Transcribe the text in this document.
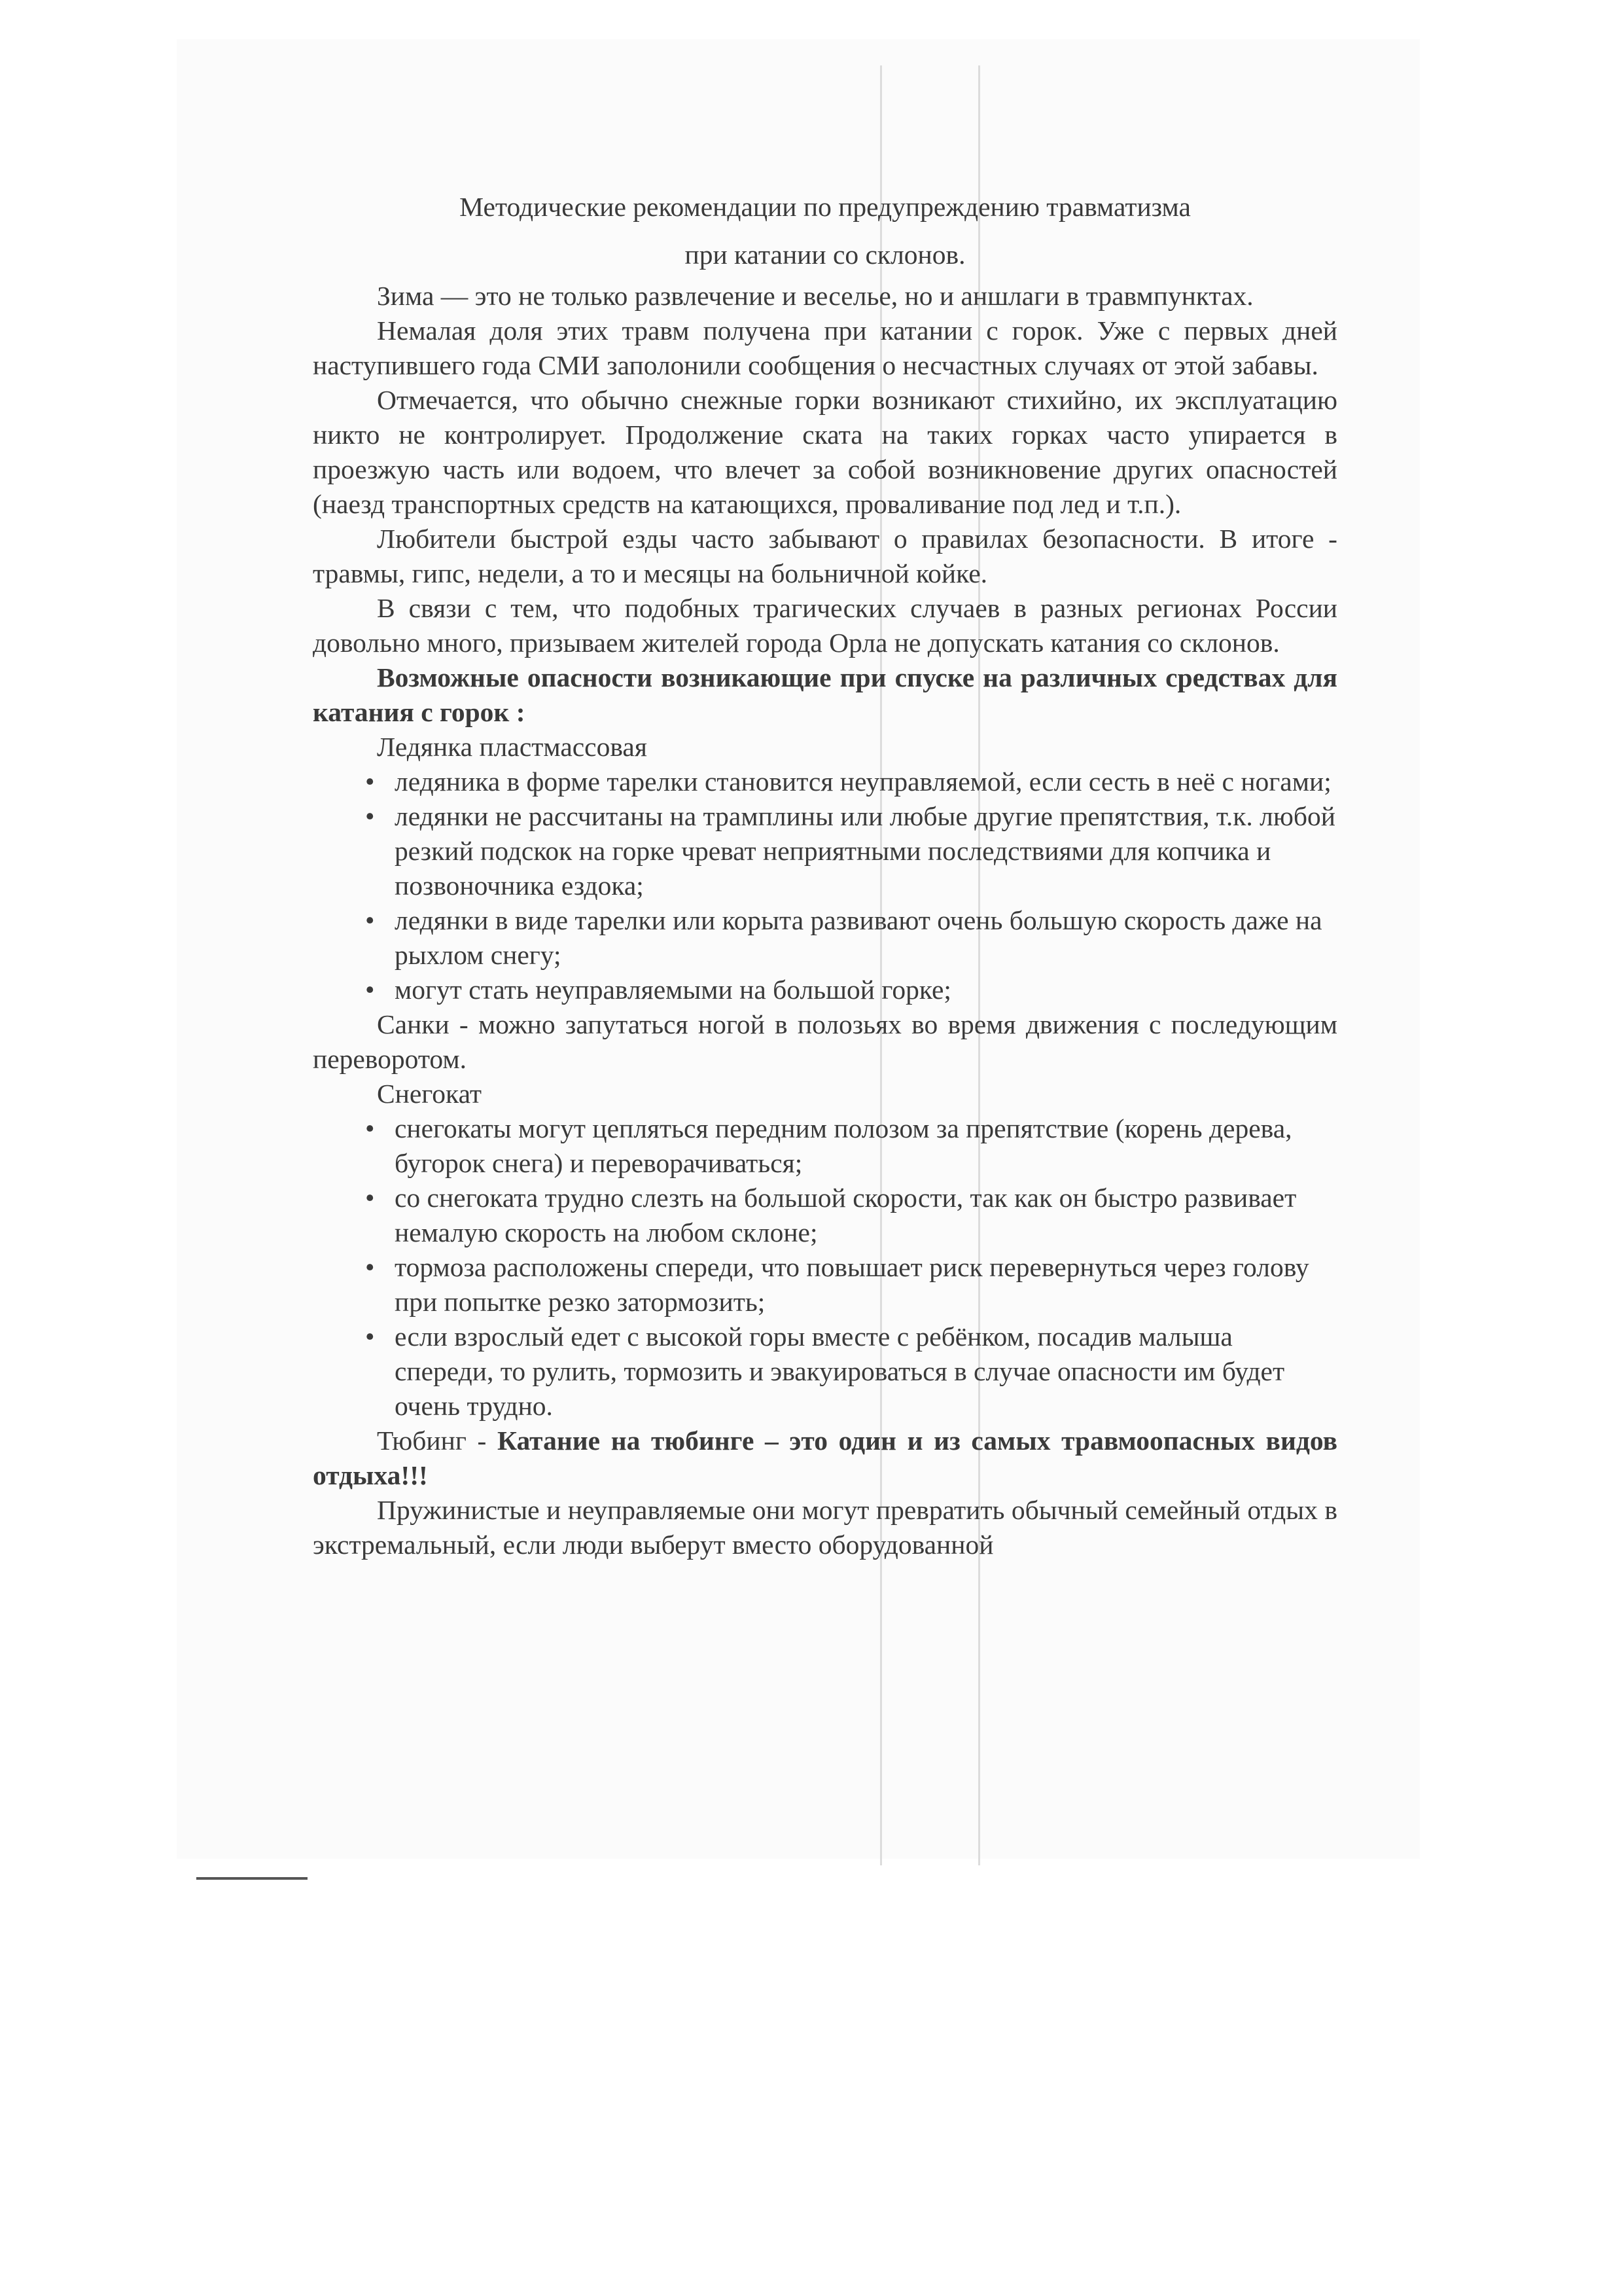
Методические рекомендации по предупреждению травматизма
при катании со склонов.

Зима — это не только развлечение и веселье, но и аншлаги в травмпунктах.

Немалая доля этих травм получена при катании с горок. Уже с первых дней наступившего года СМИ заполонили сообщения о несчастных случаях от этой забавы.

Отмечается, что обычно снежные горки возникают стихийно, их эксплуатацию никто не контролирует. Продолжение ската на таких горках часто упирается в проезжую часть или водоем, что влечет за собой возникновение других опасностей (наезд транспортных средств на катающихся, проваливание под лед и т.п.).

Любители быстрой езды часто забывают о правилах безопасности. В итоге - травмы, гипс, недели, а то и месяцы на больничной койке.

В связи с тем, что подобных трагических случаев в разных регионах России довольно много, призываем жителей города Орла не допускать катания со склонов.

Возможные опасности возникающие при спуске на различных средствах для катания с горок :

Ледянка пластмассовая

• ледяника в форме тарелки становится неуправляемой, если сесть в неё с ногами;
• ледянки не рассчитаны на трамплины или любые другие препятствия, т.к. любой резкий подскок на горке чреват неприятными последствиями для копчика и позвоночника ездока;
• ледянки в виде тарелки или корыта развивают очень большую скорость даже на рыхлом снегу;
• могут стать неуправляемыми на большой горке;

Санки - можно запутаться ногой в полозьях во время движения с последующим переворотом.

Снегокат

• снегокаты могут цепляться передним полозом за препятствие (корень дерева, бугорок снега) и переворачиваться;
• со снегоката трудно слезть на большой скорости, так как он быстро развивает немалую скорость на любом склоне;
• тормоза расположены спереди, что повышает риск перевернуться через голову при попытке резко затормозить;
• если взрослый едет с высокой горы вместе с ребёнком, посадив малыша спереди, то рулить, тормозить и эвакуироваться в случае опасности им будет очень трудно.

Тюбинг - Катание на тюбинге – это один и из самых травмоопасных видов отдыха!!!

Пружинистые и неуправляемые они могут превратить обычный семейный отдых в экстремальный, если люди выберут вместо оборудованной
